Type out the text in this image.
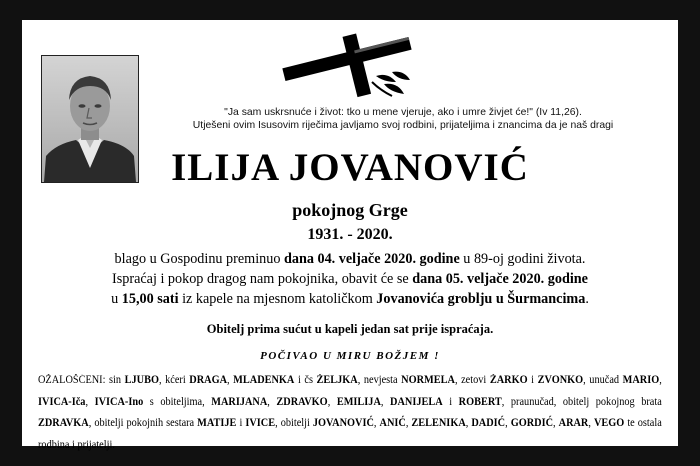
"Ja sam uskrsnuće i život: tko u mene vjeruje, ako i umre živjet će!" (Iv 11,26).
Utješeni ovim Isusovim riječima javljamo svoj rodbini, prijateljima i znancima da je naš dragi
ILIJA JOVANOVIĆ
pokojnog Grge
1931. - 2020.
blago u Gospodinu preminuo dana 04. veljače 2020. godine u 89-oj godini života.
Ispraćaj i pokop dragog nam pokojnika, obavit će se dana 05. veljače 2020. godine
u 15,00 sati iz kapele na mjesnom katoličkom Jovanovića groblju u Šurmancima.
Obitelj prima sućut u kapeli jedan sat prije ispraćaja.
POČIVAO U MIRU BOŽJEM !
OŽALOŠĆENI: sin LJUBO, kćeri DRAGA, MLADENKA i čs ŽELJKA, nevjesta NORMELA, zetovi ŽARKO i ZVONKO, unučad MARIO, IVICA-Iča, IVICA-Ino s obiteljima, MARIJANA, ZDRAVKO, EMILIJA, DANIJELA i ROBERT, praunučad, obitelj pokojnog brata ZDRAVKA, obitelji pokojnih sestara MATIJE i IVICE, obitelji JOVANOVIĆ, ANIĆ, ZELENIKA, DADIĆ, GORDIĆ, ARAR, VEGO te ostala rodbina i prijatelji.
